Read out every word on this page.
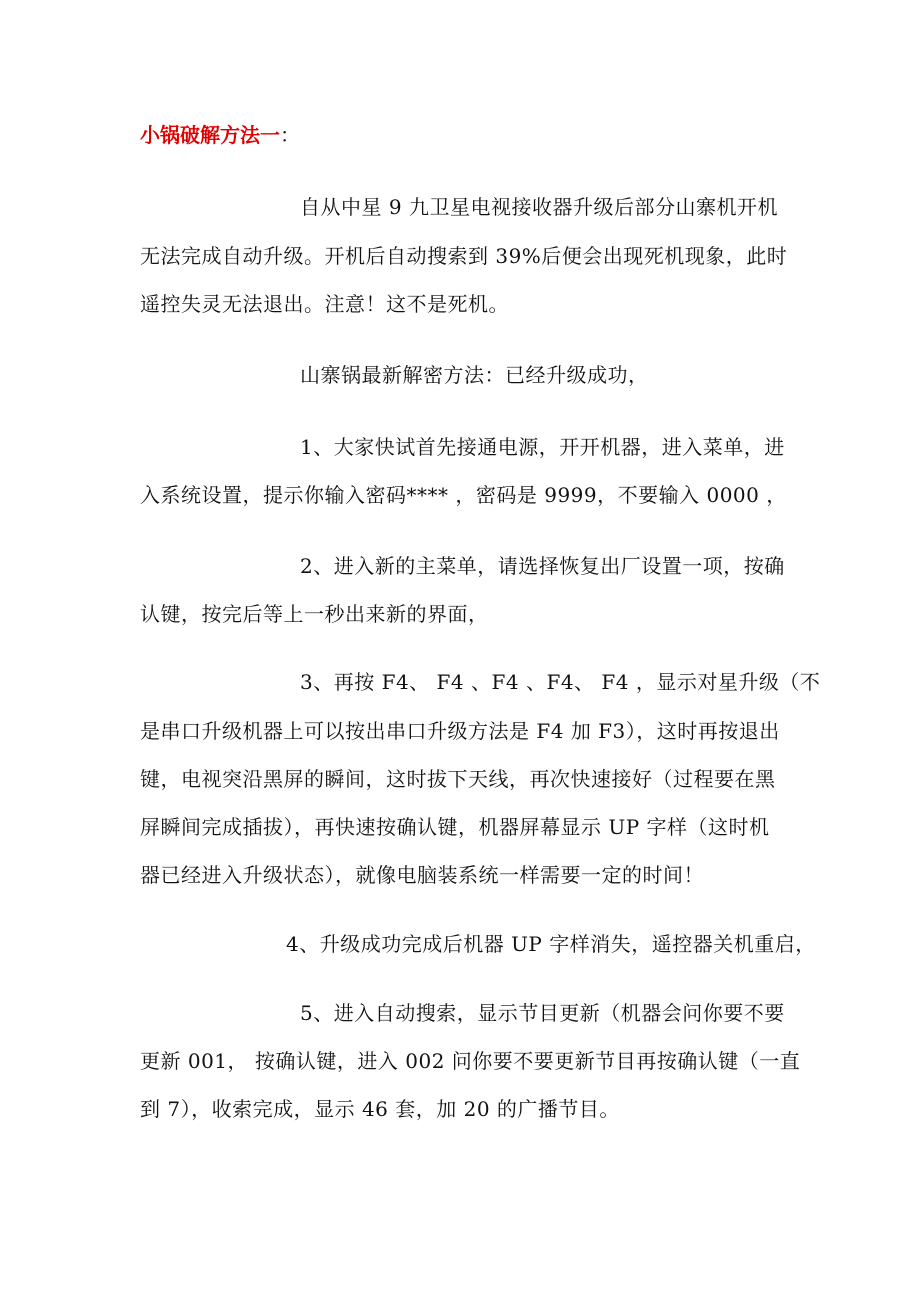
小锅破解方法一：
自从中星 9 九卫星电视接收器升级后部分山寨机开机
无法完成自动升级。开机后自动搜索到 39%后便会出现死机现象，此时
遥控失灵无法退出。注意！这不是死机。
山寨锅最新解密方法：已经升级成功，
1、大家快试首先接通电源，开开机器，进入菜单，进
入系统设置，提示你输入密码**** ，密码是 9999，不要输入 0000 ，
2、进入新的主菜单，请选择恢复出厂设置一项，按确
认键，按完后等上一秒出来新的界面，
3、再按 F4、 F4 、F4 、F4、 F4 ，显示对星升级（不
是串口升级机器上可以按出串口升级方法是 F4 加 F3），这时再按退出
键，电视突沿黑屏的瞬间，这时拔下天线，再次快速接好（过程要在黑
屏瞬间完成插拔），再快速按确认键，机器屏幕显示 UP 字样（这时机
器已经进入升级状态），就像电脑装系统一样需要一定的时间！
4、升级成功完成后机器 UP 字样消失，遥控器关机重启，
5、进入自动搜索，显示节目更新（机器会问你要不要
更新 001， 按确认键，进入 002 问你要不要更新节目再按确认键（一直
到 7），收索完成，显示 46 套，加 20 的广播节目。
